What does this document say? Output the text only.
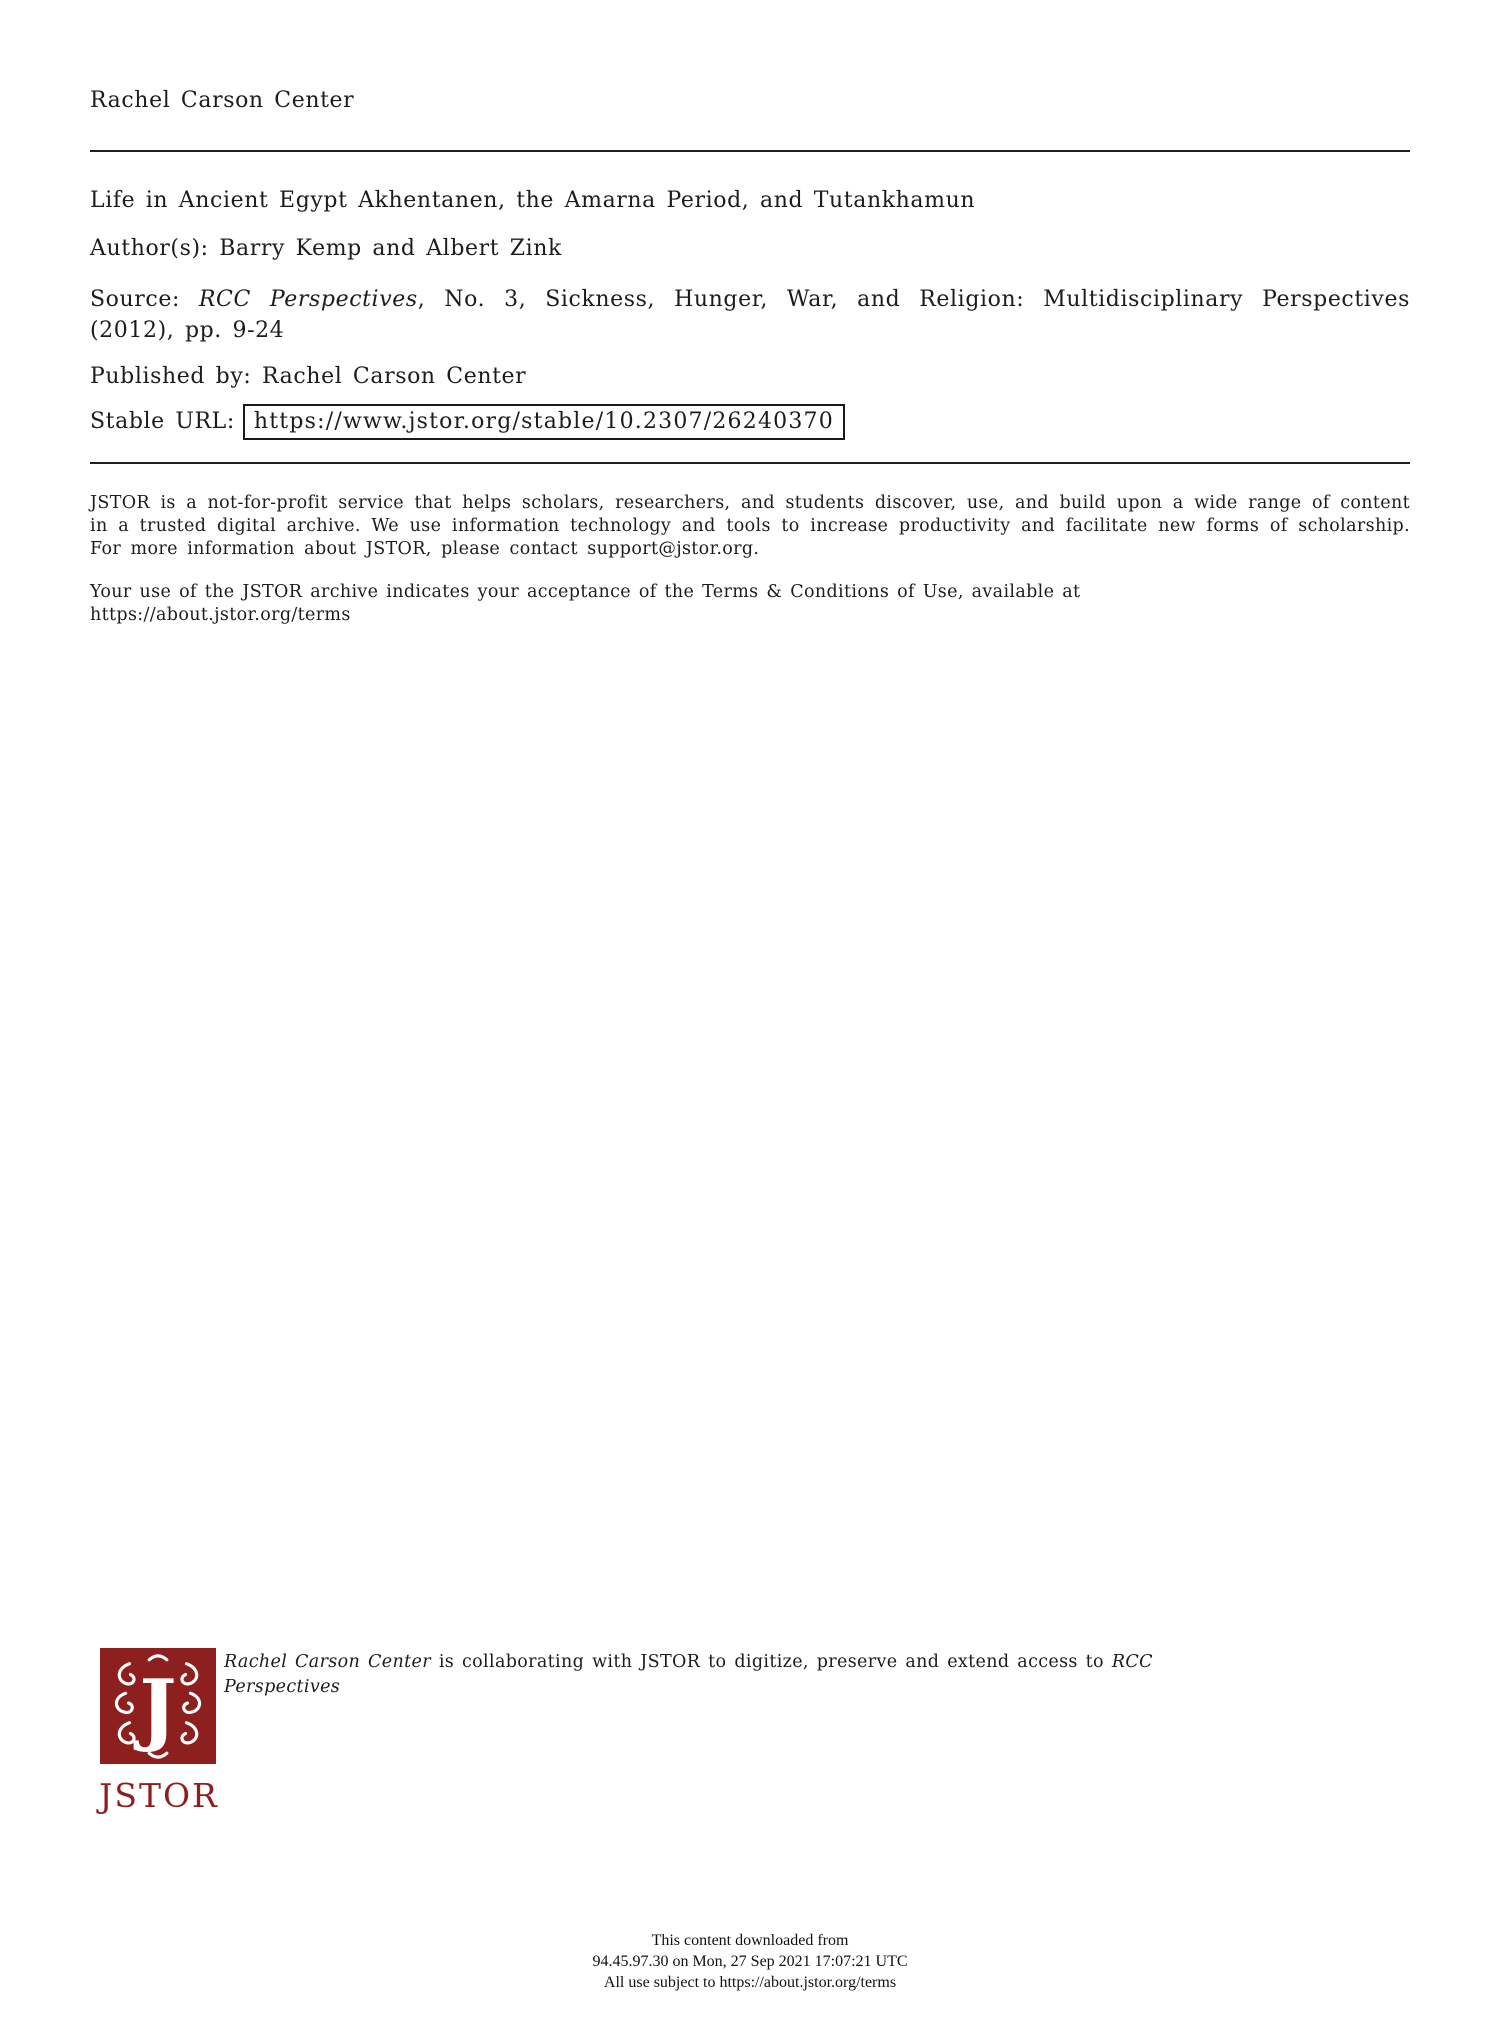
Rachel Carson Center
Life in Ancient Egypt Akhentanen, the Amarna Period, and Tutankhamun
Author(s): Barry Kemp and Albert Zink

Source: RCC Perspectives, No. 3, Sickness, Hunger, War, and Religion: Multidisciplinary Perspectives (2012), pp. 9-24

Published by: Rachel Carson Center
Stable URL: https://www.jstor.org/stable/10.2307/26240370

JSTOR is a not-for-profit service that helps scholars, researchers, and students discover, use, and build upon a wide range of content in a trusted digital archive. We use information technology and tools to increase productivity and facilitate new forms of scholarship. For more information about JSTOR, please contact support@jstor.org.

Your use of the JSTOR archive indicates your acceptance of the Terms & Conditions of Use, available at
https://about.jstor.org/terms

J
JSTOR

Rachel Carson Center is collaborating with JSTOR to digitize, preserve and extend access to RCC Perspectives

This content downloaded from
94.45.97.30 on Mon, 27 Sep 2021 17:07:21 UTC
All use subject to https://about.jstor.org/terms
